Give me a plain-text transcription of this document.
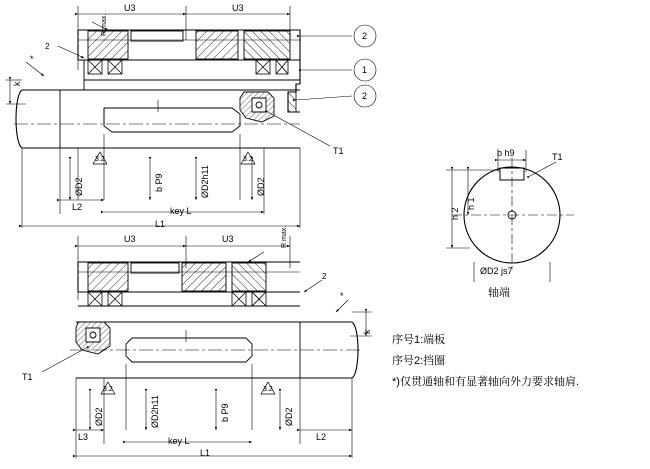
2
1
2
U3	U3
R max.
2
*
k
T1
3.2	3.2
ØD2	b P9	ØD2h11	ØD2
L2	key L
L1
U3	U3	R max.
2
*
k
T1
3.2	3.2
ØD2	ØD2h11	b P9	ØD2
L3	L2
key L
L1
b h9	T1
h 2
h 1
ØD2 js7
轴端
序号1:端板
序号2:挡圈
*)仅贯通轴和有显著轴向外力要求轴肩.
